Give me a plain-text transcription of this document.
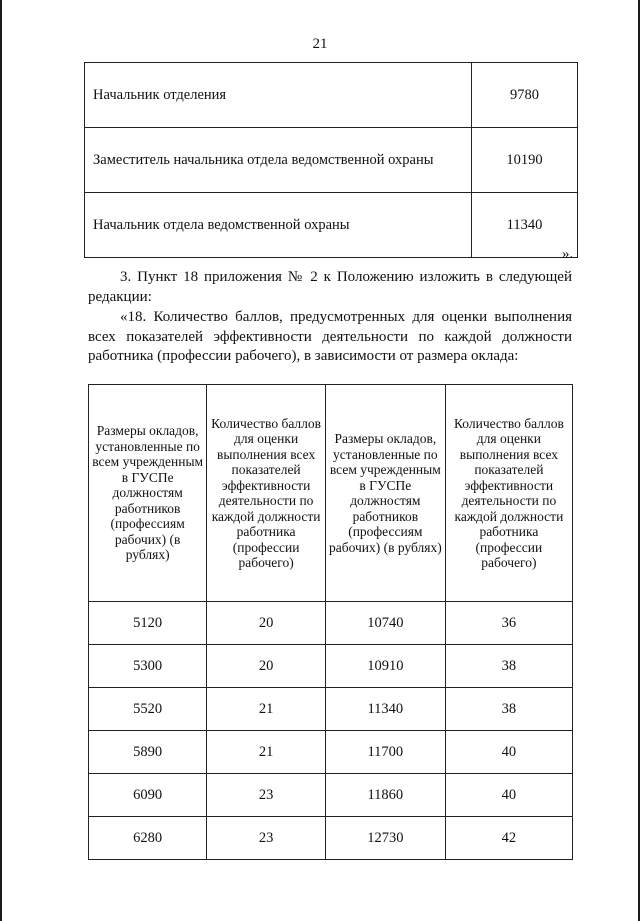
21
Начальник отделения	9780
Заместитель начальника отдела ведомственной охраны	10190
Начальник отдела ведомственной охраны	11340
».
3. Пункт 18 приложения № 2 к Положению изложить в следующей редакции:
«18. Количество баллов, предусмотренных для оценки выполнения всех показателей эффективности деятельности по каждой должности работника (профессии рабочего), в зависимости от размера оклада:
Размеры окладов, установленные по всем учрежденным в ГУСПе должностям работников (профессиям рабочих) (в рублях)	Количество баллов для оценки выполнения всех показателей эффективности деятельности по каждой должности работника (профессии рабочего)	Размеры окладов, установленные по всем учрежденным в ГУСПе должностям работников (профессиям рабочих) (в рублях)	Количество баллов для оценки выполнения всех показателей эффективности деятельности по каждой должности работника (профессии рабочего)
5120	20	10740	36
5300	20	10910	38
5520	21	11340	38
5890	21	11700	40
6090	23	11860	40
6280	23	12730	42
